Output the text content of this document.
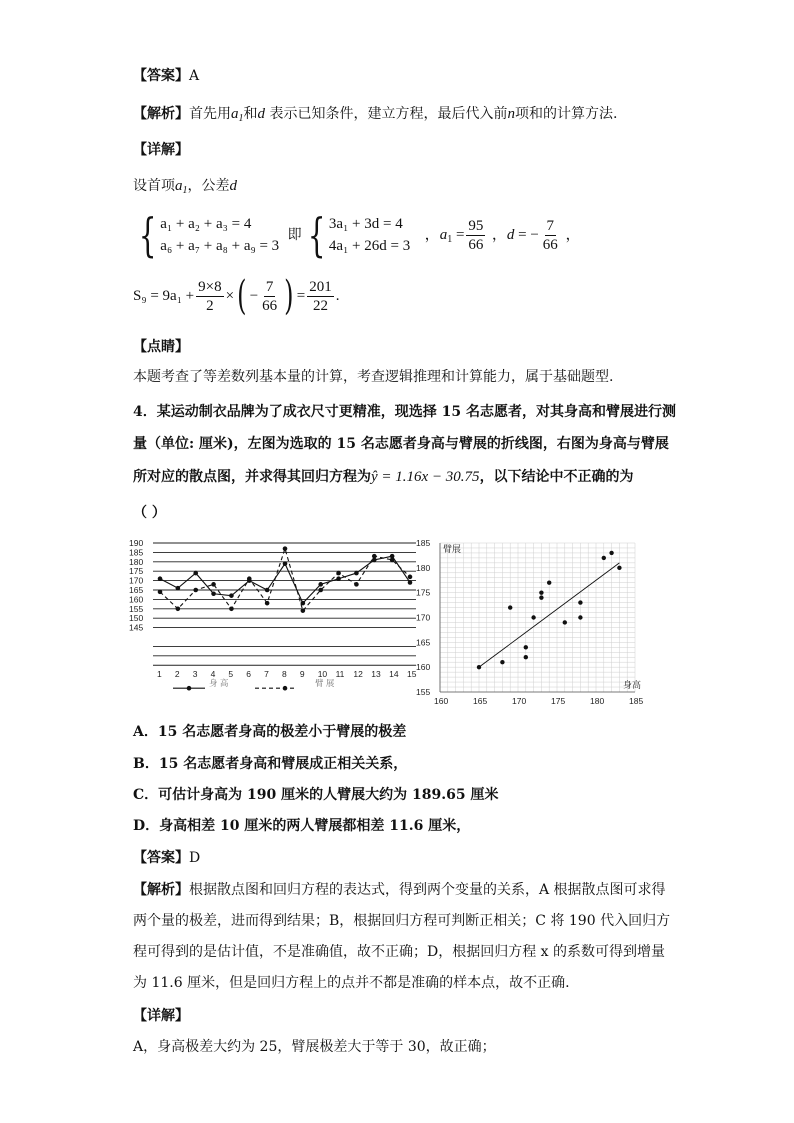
【答案】A
【解析】首先用$a_1$和d 表示已知条件，建立方程，最后代入前n项和的计算方法.
【详解】
设首项$a_1$，公差d
{ a₁ + a₂ + a₃ = 4
a₆ + a₇ + a₈ + a₉ = 3
即 { 3a₁ + 3d = 4
4a₁ + 26d = 3
，$a_1 = \frac{95}{66}$ ，d = − $\frac{7}{66}$ ，
$S_9 = 9a_1 + \frac{9\times 8}{2}$ ×( − $\frac{7}{66}$ ) = $\frac{201}{22}$ .
【点睛】
本题考查了等差数列基本量的计算，考查逻辑推理和计算能力，属于基础题型.
4．某运动制衣品牌为了成衣尺寸更精准，现选择 15 名志愿者，对其身高和臂展进行测
量（单位: 厘米)，左图为选取的 15 名志愿者身高与臂展的折线图，右图为身高与臂展
所对应的散点图，并求得其回归方程为ŷ = 1.16x − 30.75，以下结论中不正确的为
（ ）
190
185
180
175
170
165
160
155
150
145
1 2 3 4 5 6 7 8 9 10 11 12 13 14 15
身 高	臂 展
155
160
165
170
175
180
185
160	165	170	175	180	185
臂展
身高
A．15 名志愿者身高的极差小于臂展的极差
B．15 名志愿者身高和臂展成正相关关系，
C．可估计身高为 190 厘米的人臂展大约为 189.65 厘米
D．身高相差 10 厘米的两人臂展都相差 11.6 厘米，
【答案】D
【解析】根据散点图和回归方程的表达式，得到两个变量的关系，A 根据散点图可求得
两个量的极差，进而得到结果；B，根据回归方程可判断正相关；C 将 190 代入回归方
程可得到的是估计值，不是准确值，故不正确；D，根据回归方程 x 的系数可得到增量
为 11.6 厘米，但是回归方程上的点并不都是准确的样本点，故不正确.
【详解】
A，身高极差大约为 25，臂展极差大于等于 30，故正确；
